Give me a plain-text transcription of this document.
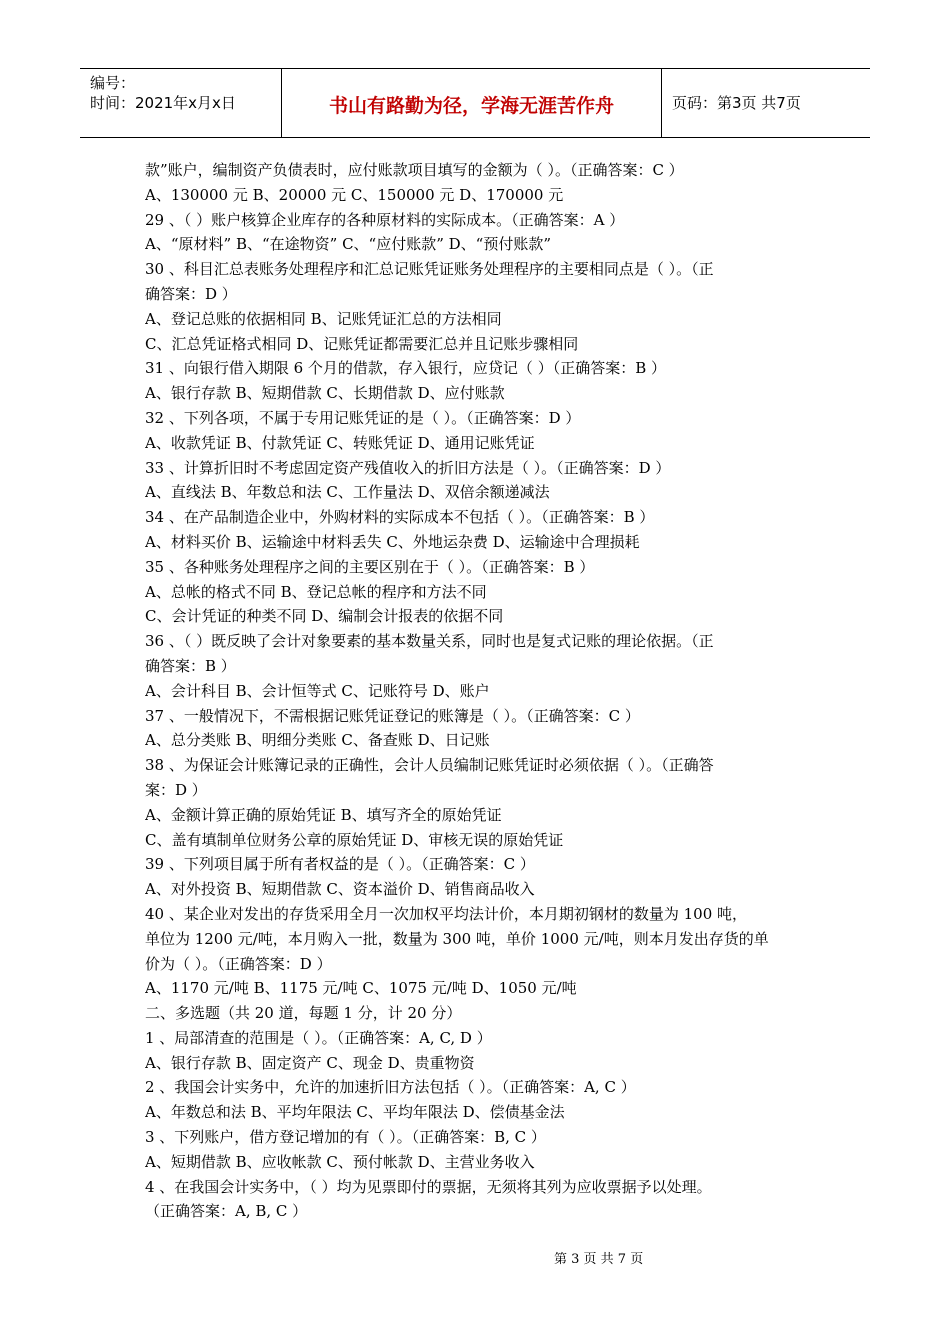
编号：
时间：2021年x月x日	书山有路勤为径，学海无涯苦作舟	页码：第3页 共7页
款”账户，编制资产负债表时，应付账款项目填写的金额为（ ）。（正确答案：C ）
A、130000 元 B、20000 元 C、150000 元 D、170000 元
29 、（ ）账户核算企业库存的各种原材料的实际成本。（正确答案：A ）
A、“原材料” B、“在途物资” C、“应付账款” D、“预付账款”
30 、科目汇总表账务处理程序和汇总记账凭证账务处理程序的主要相同点是（ ）。（正
确答案：D ）
A、登记总账的依据相同 B、记账凭证汇总的方法相同
C、汇总凭证格式相同 D、记账凭证都需要汇总并且记账步骤相同
31 、向银行借入期限 6 个月的借款，存入银行，应贷记（ ）（正确答案：B ）
A、银行存款 B、短期借款 C、长期借款 D、应付账款
32 、下列各项，不属于专用记账凭证的是（ ）。（正确答案：D ）
A、收款凭证 B、付款凭证 C、转账凭证 D、通用记账凭证
33 、计算折旧时不考虑固定资产残值收入的折旧方法是（ ）。（正确答案：D ）
A、直线法 B、年数总和法 C、工作量法 D、双倍余额递减法
34 、在产品制造企业中，外购材料的实际成本不包括（ ）。（正确答案：B ）
A、材料买价 B、运输途中材料丢失 C、外地运杂费 D、运输途中合理损耗
35 、各种账务处理程序之间的主要区别在于（ ）。（正确答案：B ）
A、总帐的格式不同 B、登记总帐的程序和方法不同
C、会计凭证的种类不同 D、编制会计报表的依据不同
36 、（ ）既反映了会计对象要素的基本数量关系，同时也是复式记账的理论依据。（正
确答案：B ）
A、会计科目 B、会计恒等式 C、记账符号 D、账户
37 、一般情况下，不需根据记账凭证登记的账簿是（ ）。（正确答案：C ）
A、总分类账 B、明细分类账 C、备查账 D、日记账
38 、为保证会计账簿记录的正确性，会计人员编制记账凭证时必须依据（ ）。（正确答
案：D ）
A、金额计算正确的原始凭证 B、填写齐全的原始凭证
C、盖有填制单位财务公章的原始凭证 D、审核无误的原始凭证
39 、下列项目属于所有者权益的是（ ）。（正确答案：C ）
A、对外投资 B、短期借款 C、资本溢价 D、销售商品收入
40 、某企业对发出的存货采用全月一次加权平均法计价，本月期初钢材的数量为 100 吨，
单位为 1200 元/吨，本月购入一批，数量为 300 吨，单价 1000 元/吨，则本月发出存货的单
价为（ ）。（正确答案：D ）
A、1170 元/吨 B、1175 元/吨 C、1075 元/吨 D、1050 元/吨
二、多选题（共 20 道，每题 1 分，计 20 分）
1 、局部清查的范围是（ ）。（正确答案：A, C, D ）
A、银行存款 B、固定资产 C、现金 D、贵重物资
2 、我国会计实务中，允许的加速折旧方法包括（ ）。（正确答案：A, C ）
A、年数总和法 B、平均年限法 C、平均年限法 D、偿债基金法
3 、下列账户，借方登记增加的有（ ）。（正确答案：B, C ）
A、短期借款 B、应收帐款 C、预付帐款 D、主营业务收入
4 、在我国会计实务中，（ ）均为见票即付的票据，无须将其列为应收票据予以处理。
（正确答案：A, B, C ）
第 3 页 共 7 页
